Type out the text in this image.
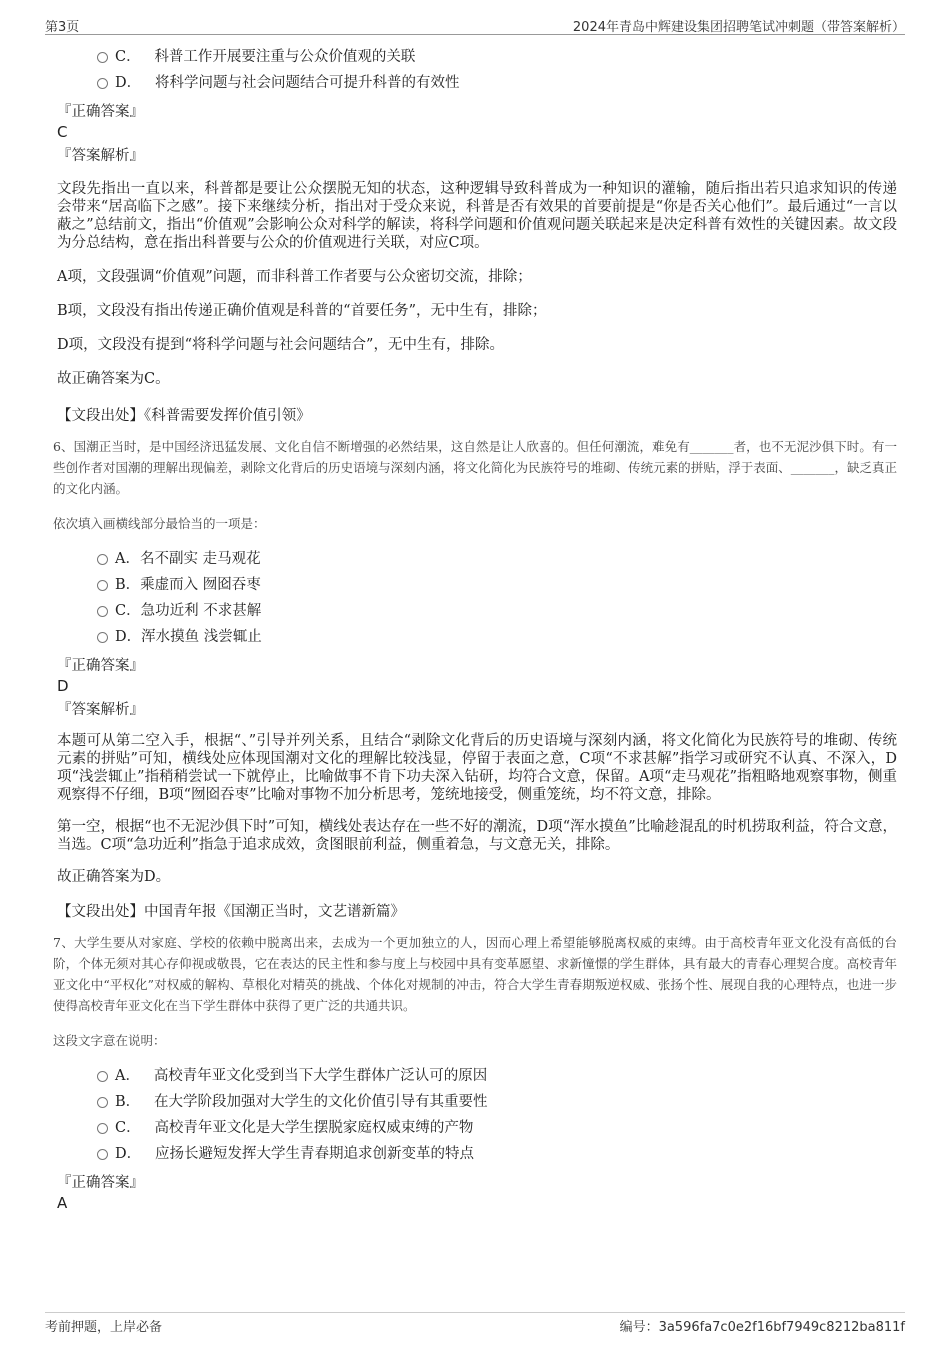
第3页	2024年青岛中辉建设集团招聘笔试冲刺题（带答案解析）
C． 科普工作开展要注重与公众价值观的关联
D． 将科学问题与社会问题结合可提升科普的有效性
『正确答案』
C
『答案解析』

文段先指出一直以来，科普都是要让公众摆脱无知的状态，这种逻辑导致科普成为一种知识的灌输，随后指出若只追求知识的传递会带来“居高临下之感”。接下来继续分析，指出对于受众来说，科普是否有效果的首要前提是“你是否关心他们”。最后通过“一言以蔽之”总结前文，指出“价值观”会影响公众对科学的解读，将科学问题和价值观问题关联起来是决定科普有效性的关键因素。故文段为分总结构，意在指出科普要与公众的价值观进行关联，对应C项。

A项，文段强调“价值观”问题，而非科普工作者要与公众密切交流，排除；

B项，文段没有指出传递正确价值观是科普的“首要任务”，无中生有，排除；

D项，文段没有提到“将科学问题与社会问题结合”，无中生有，排除。

故正确答案为C。

【文段出处】《科普需要发挥价值引领》
6、国潮正当时，是中国经济迅猛发展、文化自信不断增强的必然结果，这自然是让人欣喜的。但任何潮流，难免有_______者，也不无泥沙俱下时。有一些创作者对国潮的理解出现偏差，剥除文化背后的历史语境与深刻内涵，将文化简化为民族符号的堆砌、传统元素的拼贴，浮于表面、_______，缺乏真正的文化内涵。
依次填入画横线部分最恰当的一项是：
A．名不副实 走马观花
B．乘虚而入 囫囵吞枣
C．急功近利 不求甚解
D．浑水摸鱼 浅尝辄止
『正确答案』
D
『答案解析』

本题可从第二空入手，根据“、”引导并列关系，且结合“剥除文化背后的历史语境与深刻内涵，将文化简化为民族符号的堆砌、传统元素的拼贴”可知，横线处应体现国潮对文化的理解比较浅显，停留于表面之意，C项“不求甚解”指学习或研究不认真、不深入，D项“浅尝辄止”指稍稍尝试一下就停止，比喻做事不肯下功夫深入钻研，均符合文意，保留。A项“走马观花”指粗略地观察事物，侧重观察得不仔细，B项“囫囵吞枣”比喻对事物不加分析思考，笼统地接受，侧重笼统，均不符文意，排除。

第一空，根据“也不无泥沙俱下时”可知，横线处表达存在一些不好的潮流，D项“浑水摸鱼”比喻趁混乱的时机捞取利益，符合文意，当选。C项“急功近利”指急于追求成效，贪图眼前利益，侧重着急，与文意无关，排除。

故正确答案为D。

【文段出处】中国青年报《国潮正当时，文艺谱新篇》
7、大学生要从对家庭、学校的依赖中脱离出来，去成为一个更加独立的人，因而心理上希望能够脱离权威的束缚。由于高校青年亚文化没有高低的台阶，个体无须对其心存仰视或敬畏，它在表达的民主性和参与度上与校园中具有变革愿望、求新憧憬的学生群体，具有最大的青春心理契合度。高校青年亚文化中“平权化”对权威的解构、草根化对精英的挑战、个体化对规制的冲击，符合大学生青春期叛逆权威、张扬个性、展现自我的心理特点，也进一步使得高校青年亚文化在当下学生群体中获得了更广泛的共通共识。
这段文字意在说明：
A． 高校青年亚文化受到当下大学生群体广泛认可的原因
B． 在大学阶段加强对大学生的文化价值引导有其重要性
C． 高校青年亚文化是大学生摆脱家庭权威束缚的产物
D． 应扬长避短发挥大学生青春期追求创新变革的特点
『正确答案』
A
考前押题，上岸必备	编号：3a596fa7c0e2f16bf7949c8212ba811f
